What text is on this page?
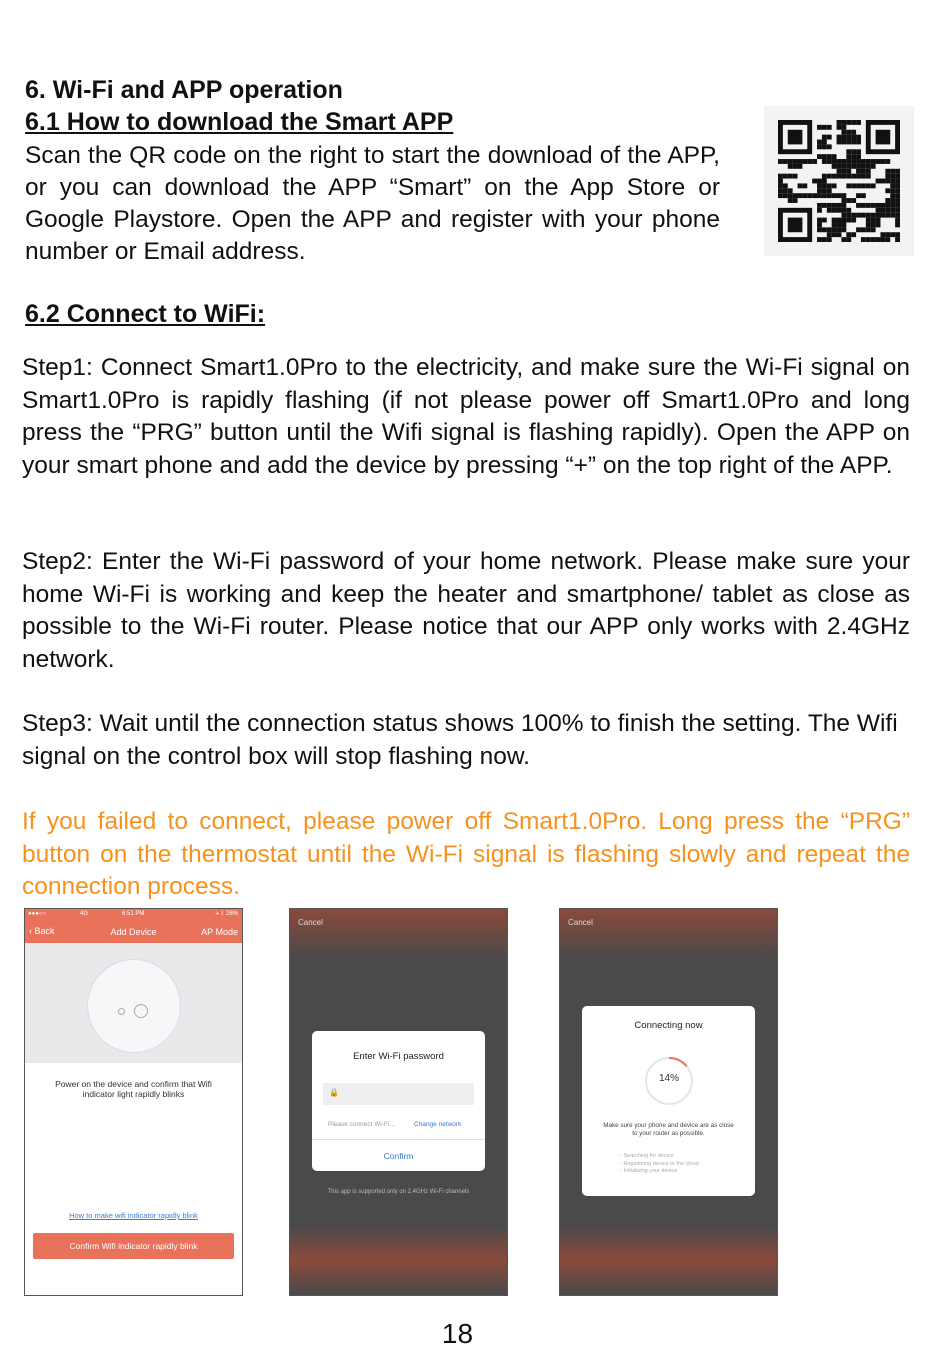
6. Wi-Fi and APP operation
6.1 How to download the Smart APP
Scan the QR code on the right to start the download of the APP, or you can download the APP “Smart” on the App Store or Google Playstore. Open the APP and register with your phone number or Email address.
6.2 Connect to WiFi:
Step1: Connect Smart1.0Pro to the electricity, and make sure the Wi-Fi signal on Smart1.0Pro is rapidly flashing (if not please power off Smart1.0Pro and long press the “PRG” button until the Wifi signal is flashing rapidly). Open the APP on your smart phone and add the device by pressing “+” on the top right of the APP.
Step2: Enter the Wi-Fi password of your home network. Please make sure your home Wi-Fi is working and keep the heater and smartphone/ tablet as close as possible to the Wi-Fi router. Please notice that our APP only works with 2.4GHz network.
Step3: Wait until the connection status shows 100% to finish the setting. The Wifi signal on the control box will stop flashing now.
If you failed to connect, please power off Smart1.0Pro. Long press the “PRG” button on the thermostat until the Wi-Fi signal is flashing slowly and repeat the connection process.
●●●○○	4G	6:51 PM	✈ ᛒ 26%
‹ Back	Add Device	AP Mode
Power on the device and confirm that Wifi indicator light rapidly blinks
How to make wifi indicator rapidly blink
Confirm Wifi indicator rapidly blink
Cancel
Enter Wi-Fi password
🔒
Please connect Wi-Fi...	Change network
Confirm
This app is supported only on 2.4GHz Wi-Fi channels
Cancel
Connecting now
14%
Make sure your phone and device are as close to your router as possible.
◦ Searching for device
◦ Registering device to the cloud
◦ Initializing your device
18
